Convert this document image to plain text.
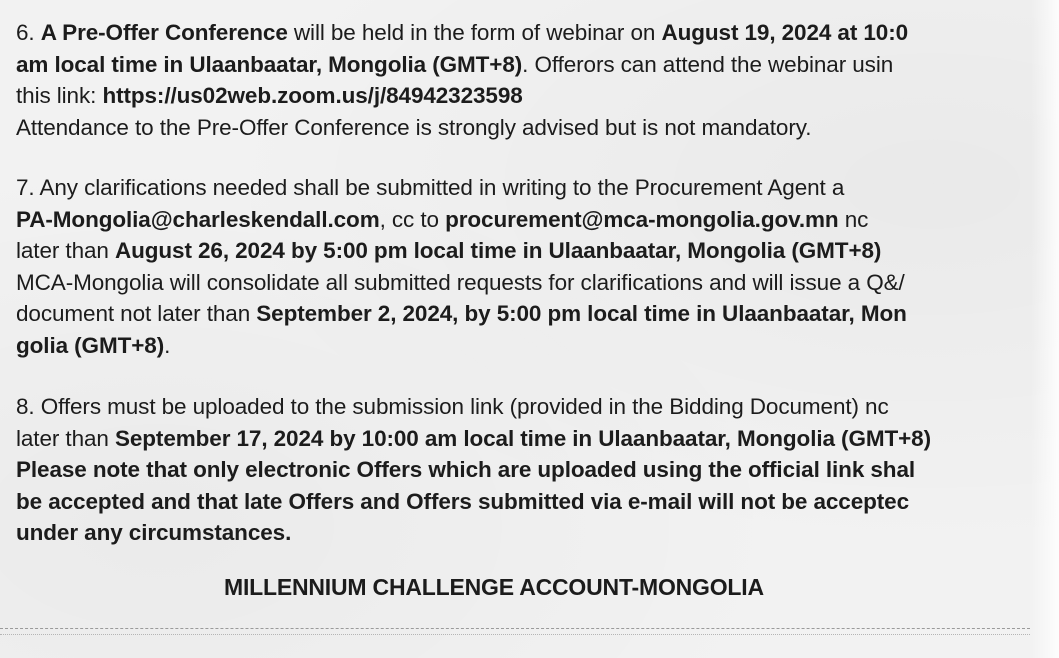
6. A Pre-Offer Conference will be held in the form of webinar on August 19, 2024 at 10:0
am local time in Ulaanbaatar, Mongolia (GMT+8). Offerors can attend the webinar usin
this link: https://us02web.zoom.us/j/84942323598
Attendance to the Pre-Offer Conference is strongly advised but is not mandatory.
7. Any clarifications needed shall be submitted in writing to the Procurement Agent a
PA-Mongolia@charleskendall.com, cc to procurement@mca-mongolia.gov.mn nc
later than August 26, 2024 by 5:00 pm local time in Ulaanbaatar, Mongolia (GMT+8)
MCA-Mongolia will consolidate all submitted requests for clarifications and will issue a Q&/
document not later than September 2, 2024, by 5:00 pm local time in Ulaanbaatar, Mon
golia (GMT+8).
8. Offers must be uploaded to the submission link (provided in the Bidding Document) nc
later than September 17, 2024 by 10:00 am local time in Ulaanbaatar, Mongolia (GMT+8)
Please note that only electronic Offers which are uploaded using the official link shal
be accepted and that late Offers and Offers submitted via e-mail will not be acceptec
under any circumstances.
MILLENNIUM CHALLENGE ACCOUNT-MONGOLIA
